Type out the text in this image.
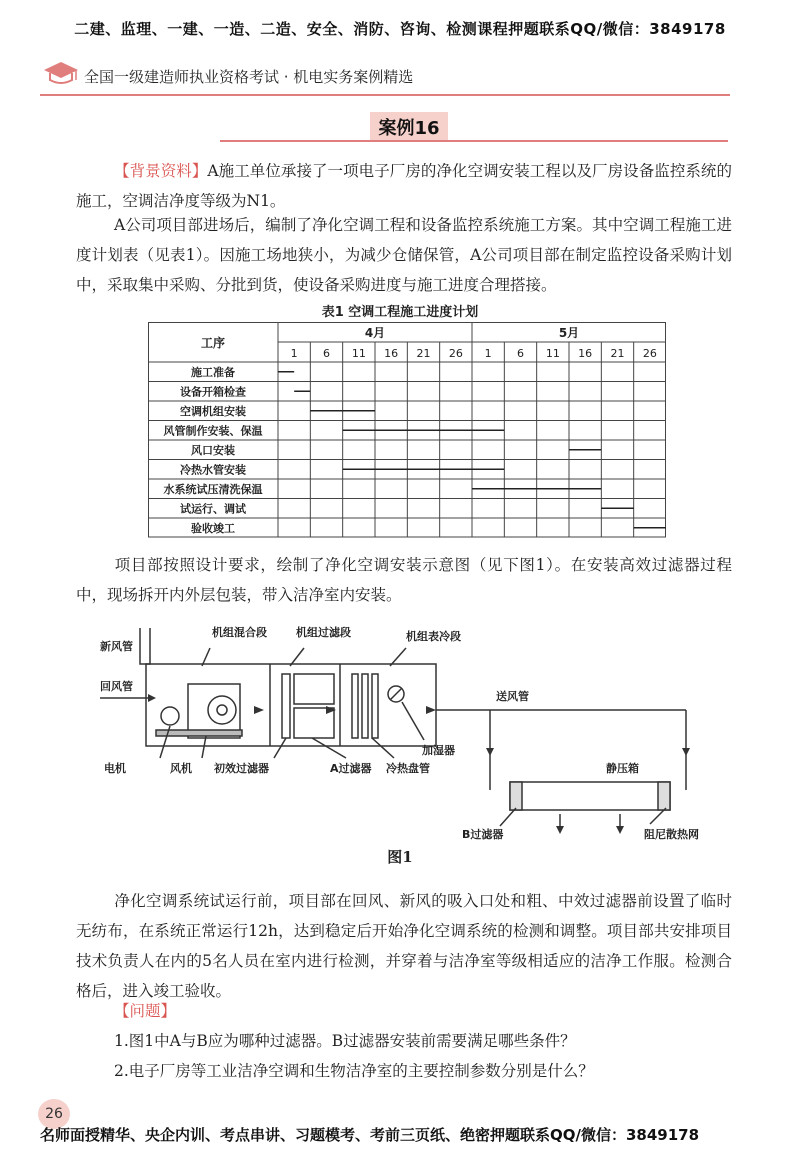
二建、监理、一建、一造、二造、安全、消防、咨询、检测课程押题联系QQ/微信：3849178
全国一级建造师执业资格考试 · 机电实务案例精选
案例16
【背景资料】A施工单位承接了一项电子厂房的净化空调安装工程以及厂房设备监控系统的施工，空调洁净度等级为N1。
A公司项目部进场后，编制了净化空调工程和设备监控系统施工方案。其中空调工程施工进度计划表（见表1）。因施工场地狭小，为减少仓储保管，A公司项目部在制定监控设备采购计划中，采取集中采购、分批到货，使设备采购进度与施工进度合理搭接。
表1 空调工程施工进度计划
工序
4月	5月
1 6 11 16 21 26 1 6 11 16 21 26
施工准备
设备开箱检查
空调机组安装
风管制作安装、保温
风口安装
冷热水管安装
水系统试压清洗保温
试运行、调试
验收竣工
项目部按照设计要求，绘制了净化空调安装示意图（见下图1）。在安装高效过滤器过程中，现场拆开内外层包装，带入洁净室内安装。
新风管
回风管
机组混合段	机组过滤段	机组表冷段
送风管
电机	风机 初效过滤器	A过滤器 冷热盘管
加湿器
静压箱
B过滤器	阻尼散热网
图1
净化空调系统试运行前，项目部在回风、新风的吸入口处和粗、中效过滤器前设置了临时无纺布，在系统正常运行12h，达到稳定后开始净化空调系统的检测和调整。项目部共安排项目技术负责人在内的5名人员在室内进行检测，并穿着与洁净室等级相适应的洁净工作服。检测合格后，进入竣工验收。
【问题】
1.图1中A与B应为哪种过滤器。B过滤器安装前需要满足哪些条件？
2.电子厂房等工业洁净空调和生物洁净室的主要控制参数分别是什么？
26
名师面授精华、央企内训、考点串讲、习题模考、考前三页纸、绝密押题联系QQ/微信：3849178
